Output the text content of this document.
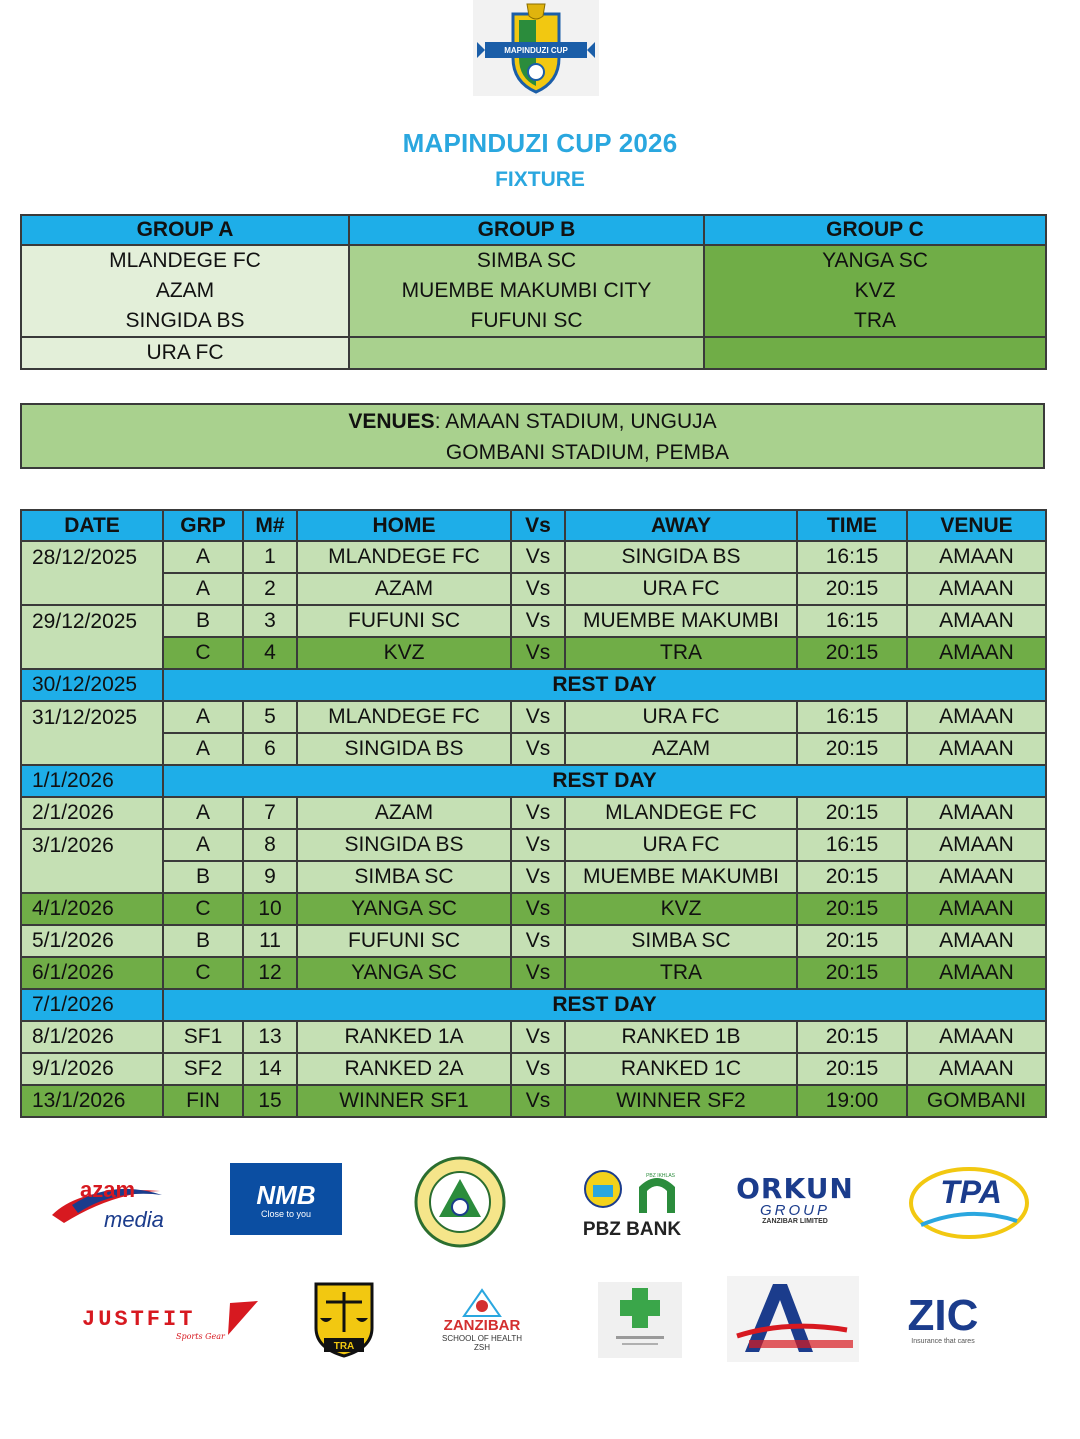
MAPINDUZI CUP
MAPINDUZI CUP 2026
FIXTURE
GROUP A	GROUP B	GROUP C
MLANDEGE FC	SIMBA SC	YANGA SC
AZAM	MUEMBE MAKUMBI CITY	KVZ
SINGIDA BS	FUFUNI SC	TRA
URA FC		
VENUES: AMAAN STADIUM, UNGUJA
GOMBANI STADIUM, PEMBA
DATE	GRP	M#	HOME	Vs	AWAY	TIME	VENUE
28/12/2025	A	1	MLANDEGE FC	Vs	SINGIDA BS	16:15	AMAAN
	A	2	AZAM	Vs	URA FC	20:15	AMAAN
29/12/2025	B	3	FUFUNI SC	Vs	MUEMBE MAKUMBI	16:15	AMAAN
	C	4	KVZ	Vs	TRA	20:15	AMAAN
30/12/2025	REST DAY						
31/12/2025	A	5	MLANDEGE FC	Vs	URA FC	16:15	AMAAN
	A	6	SINGIDA BS	Vs	AZAM	20:15	AMAAN
1/1/2026	REST DAY						
2/1/2026	A	7	AZAM	Vs	MLANDEGE FC	20:15	AMAAN
3/1/2026	A	8	SINGIDA BS	Vs	URA FC	16:15	AMAAN
	B	9	SIMBA SC	Vs	MUEMBE MAKUMBI	20:15	AMAAN
4/1/2026	C	10	YANGA SC	Vs	KVZ	20:15	AMAAN
5/1/2026	B	11	FUFUNI SC	Vs	SIMBA SC	20:15	AMAAN
6/1/2026	C	12	YANGA SC	Vs	TRA	20:15	AMAAN
7/1/2026	REST DAY						
8/1/2026	SF1	13	RANKED 1A	Vs	RANKED 1B	20:15	AMAAN
9/1/2026	SF2	14	RANKED 2A	Vs	RANKED 1C	20:15	AMAAN
13/1/2026	FIN	15	WINNER SF1	Vs	WINNER SF2	19:00	GOMBANI
azam
media
NMB
Close to you
PBZ IKHLAS
PBZ BANK
ORKUN
GROUP
ZANZIBAR LIMITED
TPA
JUSTFIT
Sports Gear
TRA
ZANZIBAR
SCHOOL OF HEALTH
ZSH
ZIC
Insurance that cares
